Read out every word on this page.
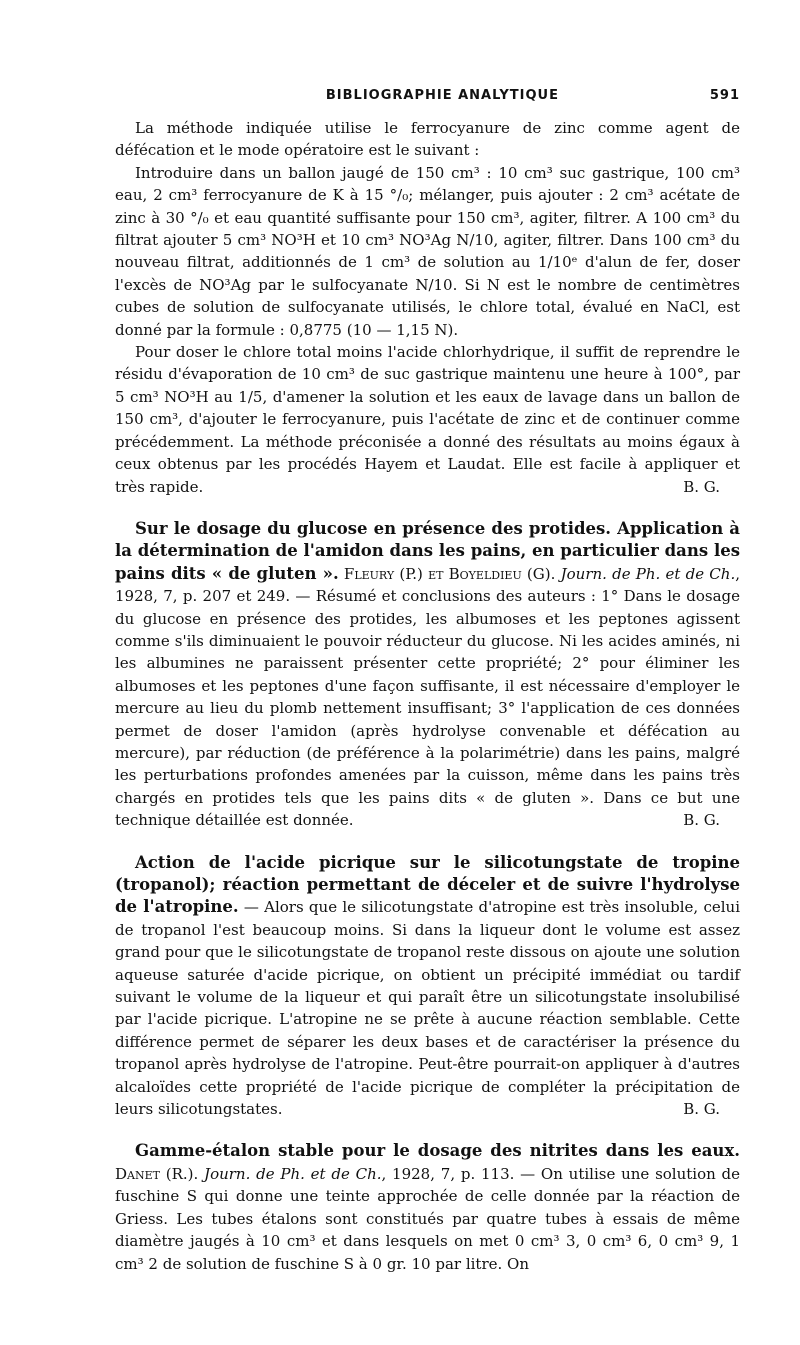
BIBLIOGRAPHIE ANALYTIQUE	591

La méthode indiquée utilise le ferrocyanure de zinc comme agent de défécation et le mode opératoire est le suivant :

Introduire dans un ballon jaugé de 150 cm³ : 10 cm³ suc gastrique, 100 cm³ eau, 2 cm³ ferrocyanure de K à 15 °/₀; mélanger, puis ajouter : 2 cm³ acétate de zinc à 30 °/₀ et eau quantité suffisante pour 150 cm³, agiter, filtrer. A 100 cm³ du filtrat ajouter 5 cm³ NO³H et 10 cm³ NO³Ag N/10, agiter, filtrer. Dans 100 cm³ du nouveau filtrat, additionnés de 1 cm³ de solution au 1/10ᵉ d'alun de fer, doser l'excès de NO³Ag par le sulfocyanate N/10. Si N est le nombre de centimètres cubes de solution de sulfocyanate utilisés, le chlore total, évalué en NaCl, est donné par la formule : 0,8775 (10 — 1,15 N).

Pour doser le chlore total moins l'acide chlorhydrique, il suffit de reprendre le résidu d'évaporation de 10 cm³ de suc gastrique maintenu une heure à 100°, par 5 cm³ NO³H au 1/5, d'amener la solution et les eaux de lavage dans un ballon de 150 cm³, d'ajouter le ferrocyanure, puis l'acétate de zinc et de continuer comme précédemment. La méthode préconisée a donné des résultats au moins égaux à ceux obtenus par les procédés Hayem et Laudat. Elle est facile à appliquer et très rapide.	B. G.

Sur le dosage du glucose en présence des protides. Application à la détermination de l'amidon dans les pains, en particulier dans les pains dits « de gluten ». Fleury (P.) et Boyeldieu (G). Journ. de Ph. et de Ch., 1928, 7, p. 207 et 249. — Résumé et conclusions des auteurs : 1° Dans le dosage du glucose en présence des protides, les albumoses et les peptones agissent comme s'ils diminuaient le pouvoir réducteur du glucose. Ni les acides aminés, ni les albumines ne paraissent présenter cette propriété; 2° pour éliminer les albumoses et les peptones d'une façon suffisante, il est nécessaire d'employer le mercure au lieu du plomb nettement insuffisant; 3° l'application de ces données permet de doser l'amidon (après hydrolyse convenable et défécation au mercure), par réduction (de préférence à la polarimétrie) dans les pains, malgré les perturbations profondes amenées par la cuisson, même dans les pains très chargés en protides tels que les pains dits « de gluten ». Dans ce but une technique détaillée est donnée.	B. G.

Action de l'acide picrique sur le silicotungstate de tropine (tropanol); réaction permettant de déceler et de suivre l'hydrolyse de l'atropine. — Alors que le silicotungstate d'atropine est très insoluble, celui de tropanol l'est beaucoup moins. Si dans la liqueur dont le volume est assez grand pour que le silicotungstate de tropanol reste dissous on ajoute une solution aqueuse saturée d'acide picrique, on obtient un précipité immédiat ou tardif suivant le volume de la liqueur et qui paraît être un silicotungstate insolubilisé par l'acide picrique. L'atropine ne se prête à aucune réaction semblable. Cette différence permet de séparer les deux bases et de caractériser la présence du tropanol après hydrolyse de l'atropine. Peut-être pourrait-on appliquer à d'autres alcaloïdes cette propriété de l'acide picrique de compléter la précipitation de leurs silicotungstates.	B. G.

Gamme-étalon stable pour le dosage des nitrites dans les eaux. Danet (R.). Journ. de Ph. et de Ch., 1928, 7, p. 113. — On utilise une solution de fuschine S qui donne une teinte approchée de celle donnée par la réaction de Griess. Les tubes étalons sont constitués par quatre tubes à essais de même diamètre jaugés à 10 cm³ et dans lesquels on met 0 cm³ 3, 0 cm³ 6, 0 cm³ 9, 1 cm³ 2 de solution de fuschine S à 0 gr. 10 par litre. On
